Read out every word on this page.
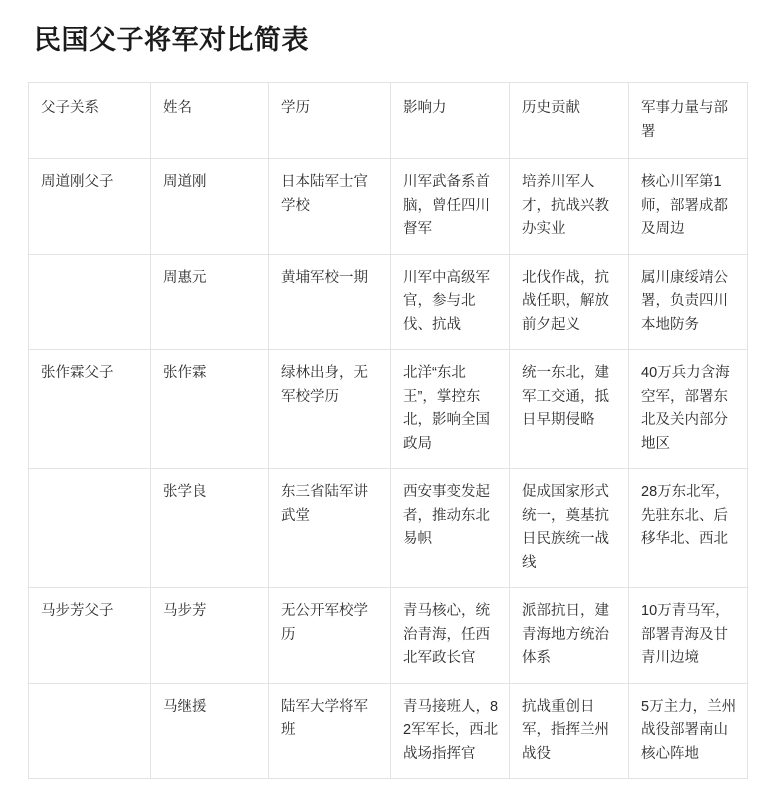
民国父子将军对比简表
父子关系	姓名	学历	影响力	历史贡献	军事力量与部署
周道刚父子	周道刚	日本陆军士官学校	川军武备系首脑，曾任四川督军	培养川军人才，抗战兴教办实业	核心川军第1师，部署成都及周边
	周惠元	黄埔军校一期	川军中高级军官，参与北伐、抗战	北伐作战，抗战任职，解放前夕起义	属川康绥靖公署，负责四川本地防务
张作霖父子	张作霖	绿林出身，无军校学历	北洋“东北王”，掌控东北，影响全国政局	统一东北，建军工交通，抵日早期侵略	40万兵力含海空军，部署东北及关内部分地区
	张学良	东三省陆军讲武堂	西安事变发起者，推动东北易帜	促成国家形式统一，奠基抗日民族统一战线	28万东北军，先驻东北、后移华北、西北
马步芳父子	马步芳	无公开军校学历	青马核心，统治青海，任西北军政长官	派部抗日，建青海地方统治体系	10万青马军，部署青海及甘青川边境
	马继援	陆军大学将军班	青马接班人，82军军长，西北战场指挥官	抗战重创日军，指挥兰州战役	5万主力，兰州战役部署南山核心阵地
